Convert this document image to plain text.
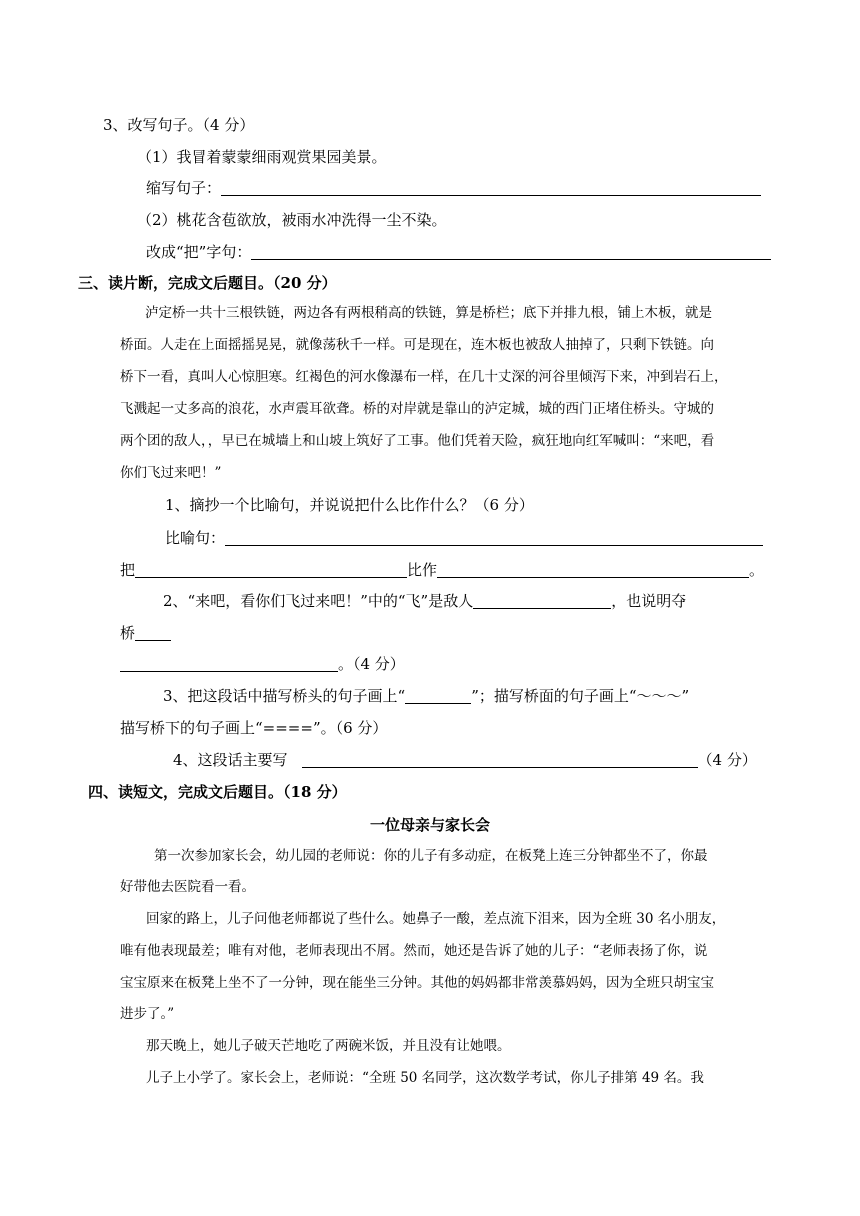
3、改写句子。（4 分）
（1）我冒着蒙蒙细雨观赏果园美景。
缩写句子：
（2）桃花含苞欲放，被雨水冲洗得一尘不染。
改成“把”字句：
三、读片断，完成文后题目。（20 分）
泸定桥一共十三根铁链，两边各有两根稍高的铁链，算是桥栏；底下并排九根，铺上木板，就是
桥面。人走在上面摇摇晃晃，就像荡秋千一样。可是现在，连木板也被敌人抽掉了，只剩下铁链。向
桥下一看，真叫人心惊胆寒。红褐色的河水像瀑布一样，在几十丈深的河谷里倾泻下来，冲到岩石上，
飞溅起一丈多高的浪花，水声震耳欲聋。桥的对岸就是靠山的泸定城，城的西门正堵住桥头。守城的
两个团的敌人，，早已在城墙上和山坡上筑好了工事。他们凭着天险，疯狂地向红军喊叫：“来吧，看
你们飞过来吧！”
1、摘抄一个比喻句，并说说把什么比作什么？（6 分）
比喻句：
把	比作	。
2、“来吧，看你们飞过来吧！”中的“飞”是敌人	，也说明夺
桥
。（4 分）
3、把这段话中描写桥头的句子画上“	”；描写桥面的句子画上“～～～”
描写桥下的句子画上“====”。（6 分）
4、这段话主要写	（4 分）
四、读短文，完成文后题目。（18 分）
一位母亲与家长会
第一次参加家长会，幼儿园的老师说：你的儿子有多动症，在板凳上连三分钟都坐不了，你最
好带他去医院看一看。
回家的路上，儿子问他老师都说了些什么。她鼻子一酸，差点流下泪来，因为全班 30 名小朋友，
唯有他表现最差；唯有对他，老师表现出不屑。然而，她还是告诉了她的儿子：“老师表扬了你，说
宝宝原来在板凳上坐不了一分钟，现在能坐三分钟。其他的妈妈都非常羡慕妈妈，因为全班只胡宝宝
进步了。”
那天晚上，她儿子破天芒地吃了两碗米饭，并且没有让她喂。
儿子上小学了。家长会上，老师说：“全班 50 名同学，这次数学考试，你儿子排第 49 名。我
